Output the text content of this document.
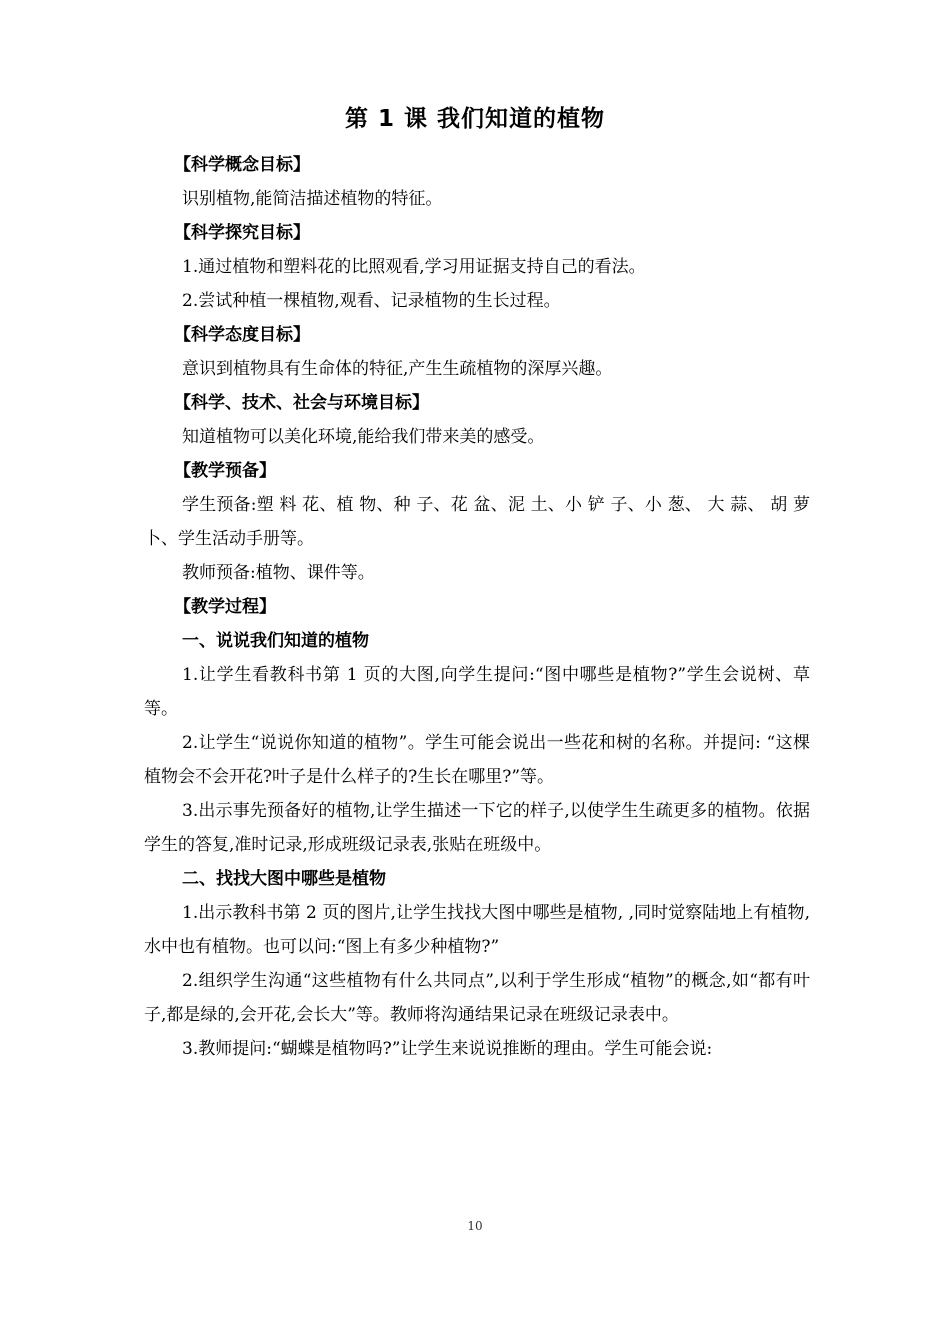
第 1 课 我们知道的植物

【科学概念目标】

识别植物,能简洁描述植物的特征。

【科学探究目标】

1.通过植物和塑料花的比照观看,学习用证据支持自己的看法。

2.尝试种植一棵植物,观看、记录植物的生长过程。

【科学态度目标】

意识到植物具有生命体的特征,产生生疏植物的深厚兴趣。

【科学、技术、社会与环境目标】

知道植物可以美化环境,能给我们带来美的感受。

【教学预备】

学生预备:塑 料 花、植 物、种 子、花 盆、泥 土、小 铲 子、小 葱、 大 蒜、 胡 萝 卜、学生活动手册等。

教师预备:植物、课件等。

【教学过程】

一、说说我们知道的植物

1.让学生看教科书第 1 页的大图,向学生提问:“图中哪些是植物?”学生会说树、草等。

2.让学生“说说你知道的植物”。学生可能会说出一些花和树的名称。并提问: “这棵植物会不会开花?叶子是什么样子的?生长在哪里?”等。

3.出示事先预备好的植物,让学生描述一下它的样子,以使学生生疏更多的植物。依据学生的答复,准时记录,形成班级记录表,张贴在班级中。

二、找找大图中哪些是植物

1.出示教科书第 2 页的图片,让学生找找大图中哪些是植物, ,同时觉察陆地上有植物,水中也有植物。也可以问:“图上有多少种植物?”

2.组织学生沟通“这些植物有什么共同点”,以利于学生形成“植物”的概念,如“都有叶子,都是绿的,会开花,会长大”等。教师将沟通结果记录在班级记录表中。

3.教师提问:“蝴蝶是植物吗?”让学生来说说推断的理由。学生可能会说:

10
